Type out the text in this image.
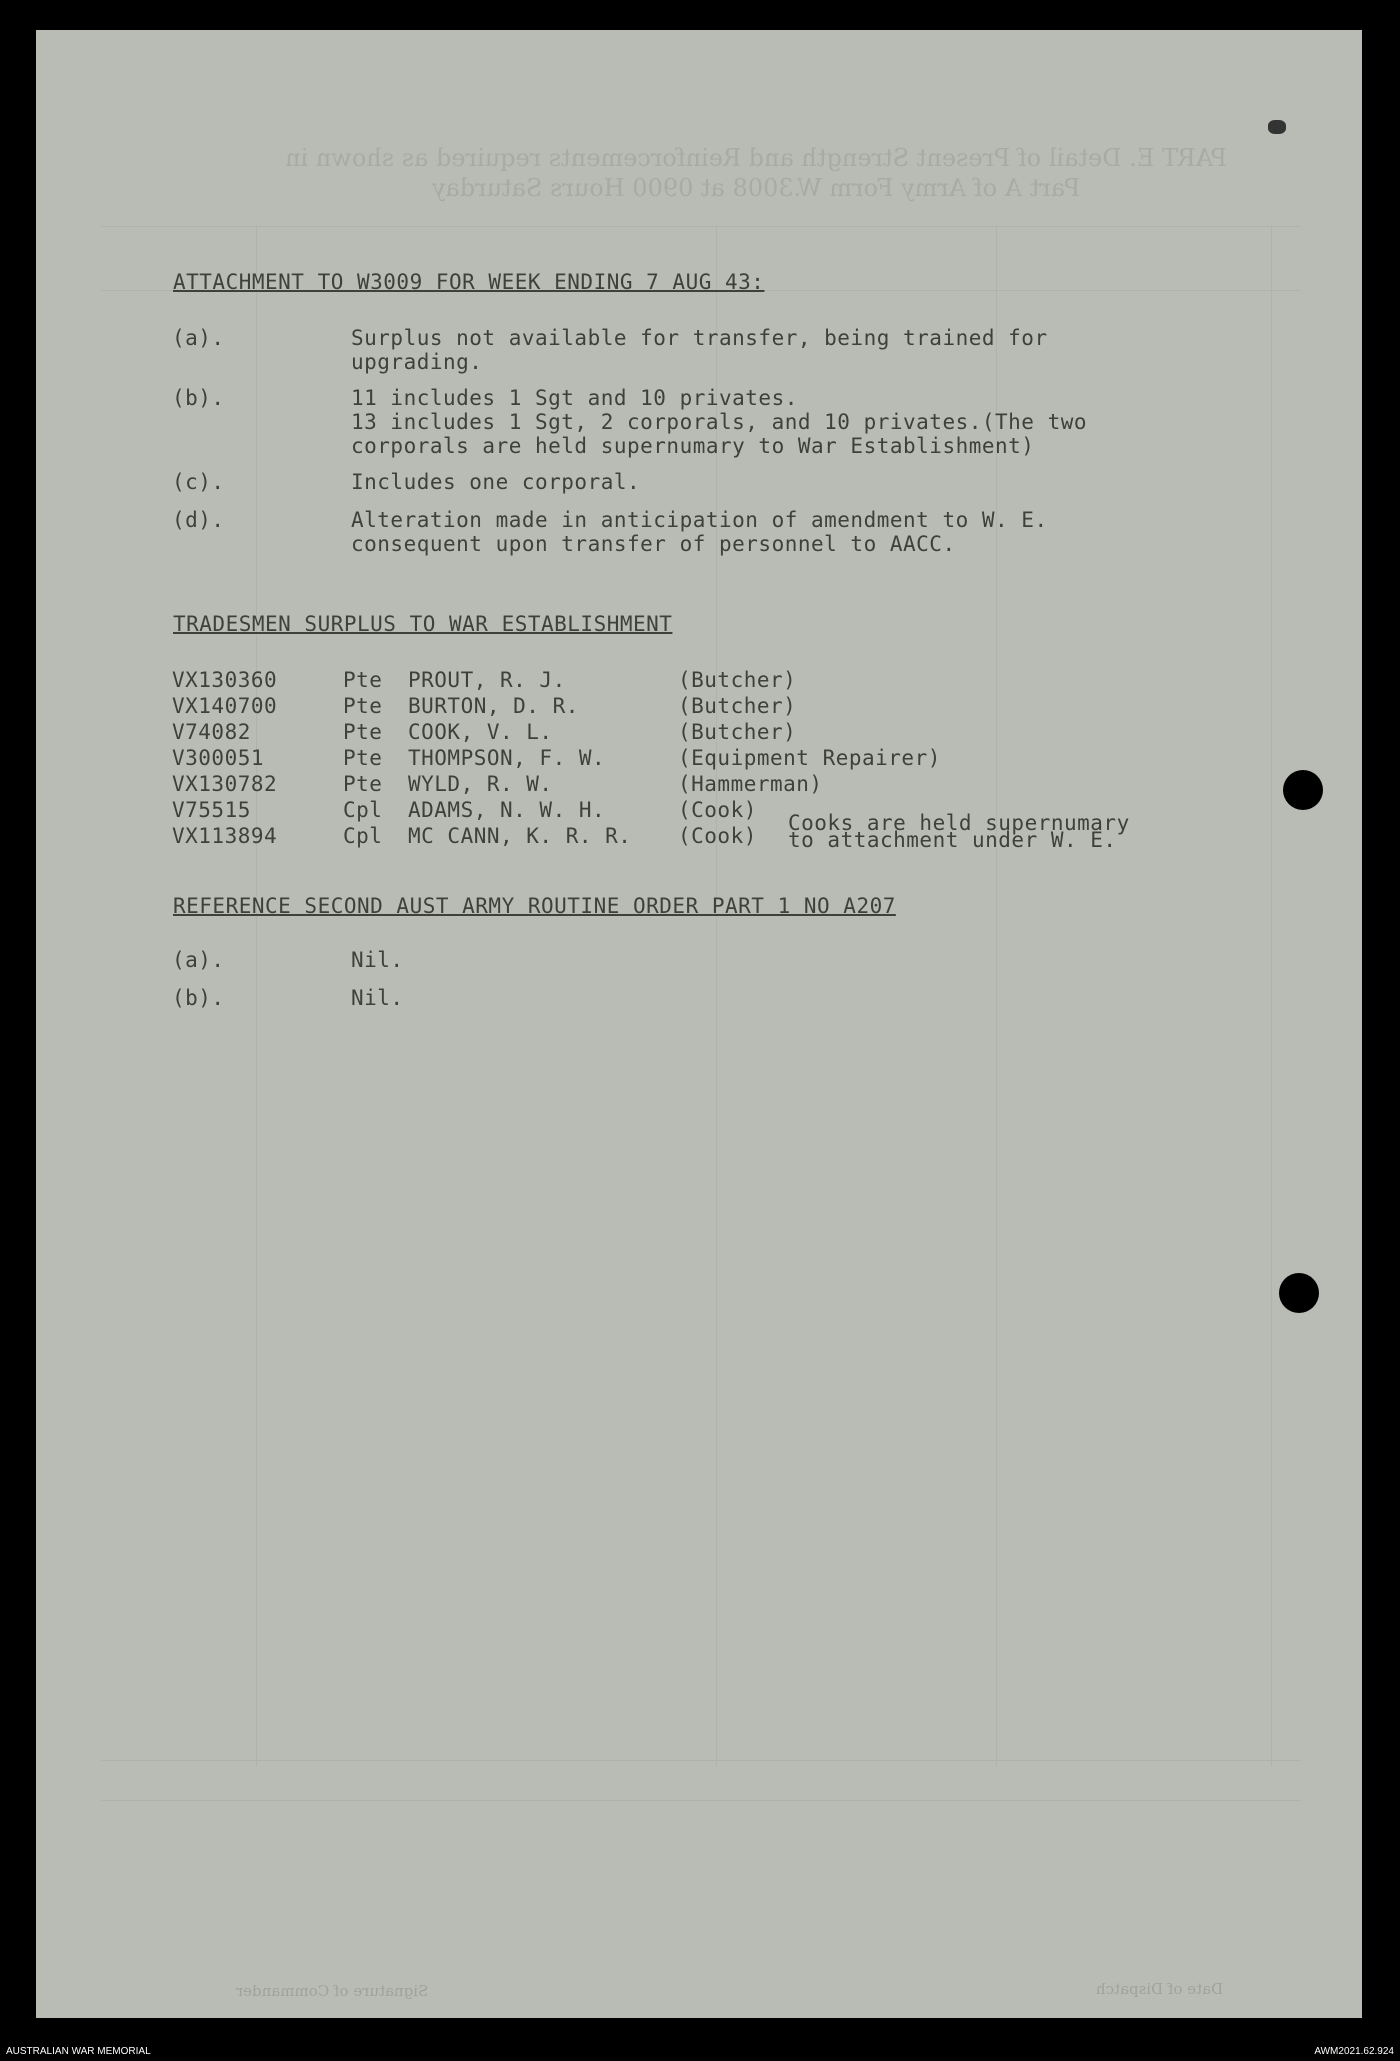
PART E. Detail of Present Strength and Reinforcements required as shown in
Part A of Army Form W.3008 at 0900 Hours Saturday
ATTACHMENT TO W3009 FOR WEEK ENDING 7 AUG 43:
(a).	Surplus not available for transfer, being trained for
upgrading.
(b).	11 includes 1 Sgt and 10 privates.
13 includes 1 Sgt, 2 corporals, and 10 privates.(The two
corporals are held supernumary to War Establishment)
(c).	Includes one corporal.
(d).	Alteration made in anticipation of amendment to W. E.
consequent upon transfer of personnel to AACC.
TRADESMEN SURPLUS TO WAR ESTABLISHMENT
VX130360	Pte PROUT, R. J.	(Butcher)
VX140700	Pte BURTON, D. R.	(Butcher)
V74082	Pte COOK, V. L.	(Butcher)
V300051	Pte THOMPSON, F. W.	(Equipment Repairer)
VX130782	Pte WYLD, R. W.	(Hammerman)
V75515	Cpl ADAMS, N. W. H.	(Cook)
VX113894	Cpl MC CANN, K. R. R. (Cook)
Cooks are held supernumary
to attachment under W. E.
REFERENCE SECOND AUST ARMY ROUTINE ORDER PART 1 NO A207
(a).	Nil.
(b).	Nil.
Signature of Commander	Date of Dispatch
AUSTRALIAN WAR MEMORIAL	AWM2021.62.924
